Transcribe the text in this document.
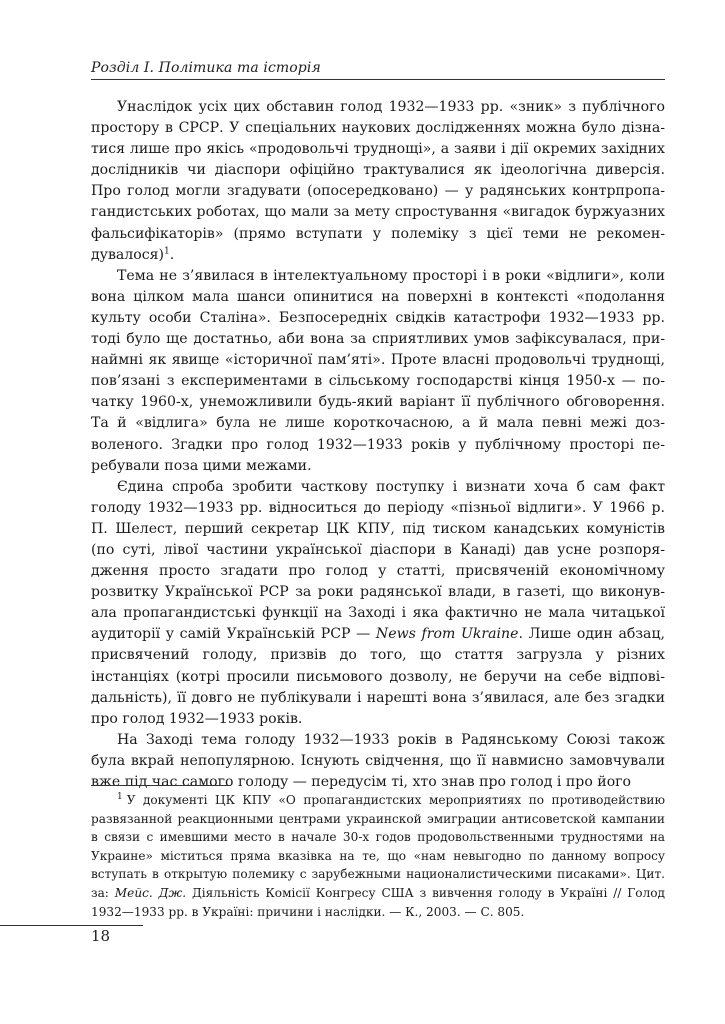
Розділ І. Політика та історія

Унаслідок усіх цих обставин голод 1932—1933 рр. «зник» з публічного простору в СРСР. У спеціальних наукових дослідженнях можна було дізнатися лише про якісь «продовольчі труднощі», а заяви і дії окремих західних дослідників чи діаспори офіційно трактувалися як ідеологічна диверсія. Про голод могли згадувати (опосередковано) — у радянських контрпропагандистських роботах, що мали за мету спростування «вигадок буржуазних фальсифікаторів» (прямо вступати у полеміку з цієї теми не рекомендувалося)$^1$.

Тема не з’явилася в інтелектуальному просторі і в роки «відлиги», коли вона цілком мала шанси опинитися на поверхні в контексті «подолання культу особи Сталіна». Безпосередніх свідків катастрофи 1932—1933 рр. тоді було ще достатньо, аби вона за сприятливих умов зафіксувалася, принаймні як явище «історичної пам’яті». Проте власні продовольчі труднощі, пов’язані з експериментами в сільському господарстві кінця 1950-х — початку 1960-х, унеможливили будь-який варіант її публічного обговорення. Та й «відлига» була не лише короткочасною, а й мала певні межі дозволеного. Згадки про голод 1932—1933 років у публічному просторі перебували поза цими межами.

Єдина спроба зробити часткову поступку і визнати хоча б сам факт голоду 1932—1933 рр. відноситься до періоду «пізньої відлиги». У 1966 р. П. Шелест, перший секретар ЦК КПУ, під тиском канадських комуністів (по суті, лівої частини української діаспори в Канаді) дав усне розпорядження просто згадати про голод у статті, присвяченій економічному розвитку Української РСР за роки радянської влади, в газеті, що виконувала пропагандистські функції на Заході і яка фактично не мала читацької аудиторії у самій Українській РСР — News from Ukraine. Лише один абзац, присвячений голоду, призвів до того, що стаття загрузла у різних інстанціях (котрі просили письмового дозволу, не беручи на себе відповідальність), її довго не публікували і нарешті вона з’явилася, але без згадки про голод 1932—1933 років.

На Заході тема голоду 1932—1933 років в Радянському Союзі також була вкрай непопулярною. Існують свідчення, що її навмисно замовчували вже під час самого голоду — передусім ті, хто знав про голод і про його

$^1$ У документі ЦК КПУ «О пропагандистских мероприятиях по противодействию развязанной реакционными центрами украинской эмиграции антисоветской кампании в связи с имевшими место в начале 30-х годов продовольственными трудностями на Украине» міститься пряма вказівка на те, що «нам невыгодно по данному вопросу вступать в открытую полемику с зарубежными националистическими писаками». Цит. за: Мейс. Дж. Діяльність Комісії Конгресу США з вивчення голоду в Україні // Голод 1932—1933 рр. в Україні: причини і наслідки. — К., 2003. — С. 805.

18
